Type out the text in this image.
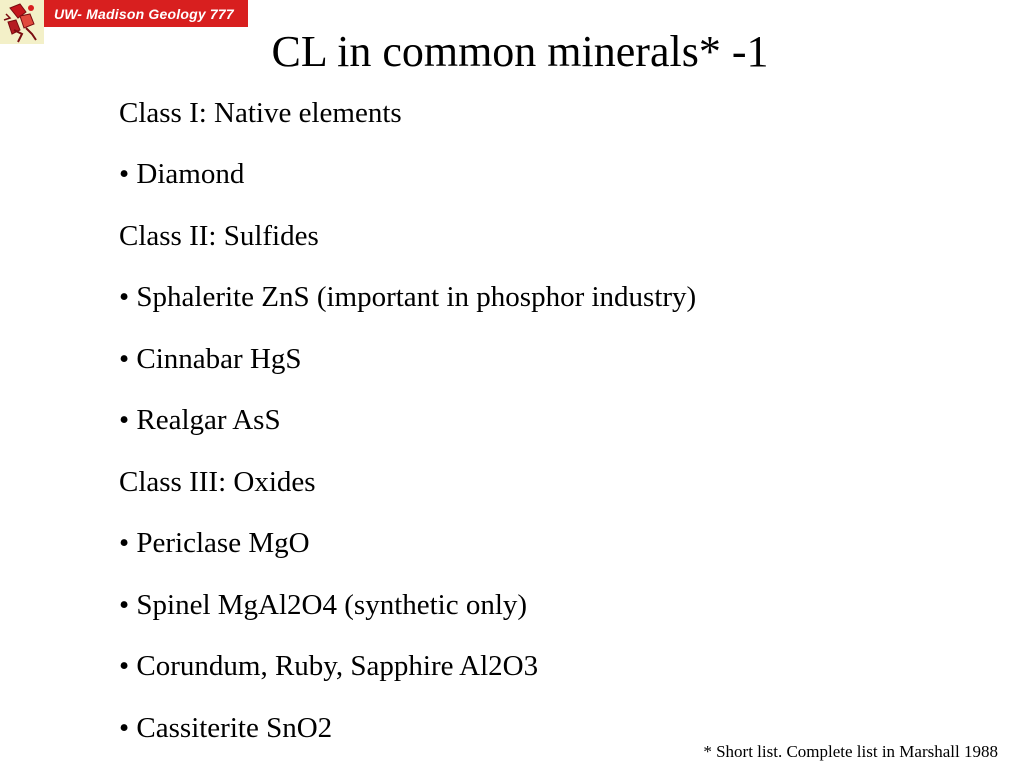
UW- Madison Geology 777
CL in common minerals* -1
Class I: Native elements
• Diamond
Class II: Sulfides
• Sphalerite ZnS (important in phosphor industry)
• Cinnabar HgS
• Realgar AsS
Class III: Oxides
• Periclase MgO
• Spinel MgAl2O4 (synthetic only)
• Corundum, Ruby, Sapphire Al2O3
• Cassiterite SnO2
* Short list. Complete list in Marshall 1988
